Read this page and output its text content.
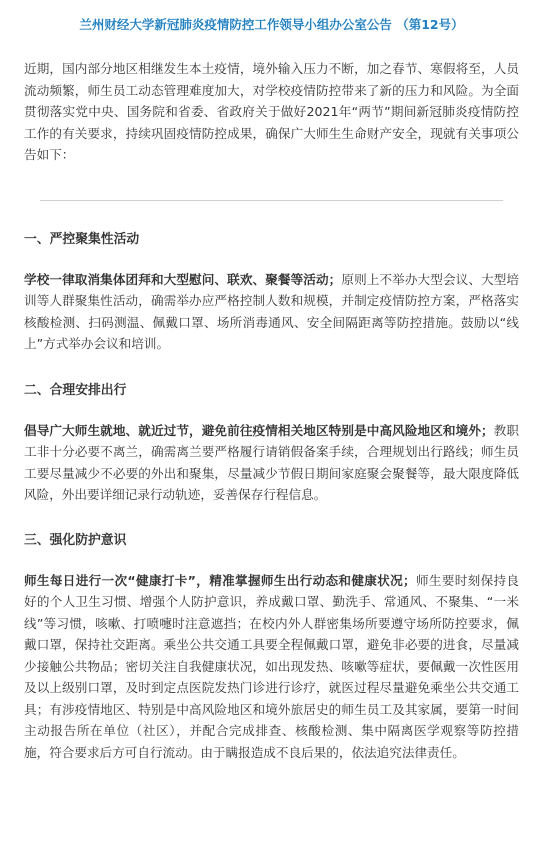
兰州财经大学新冠肺炎疫情防控工作领导小组办公室公告 （第12号）

近期，国内部分地区相继发生本土疫情，境外输入压力不断，加之春节、寒假将至，人员流动频繁，师生员工动态管理难度加大，对学校疫情防控带来了新的压力和风险。为全面贯彻落实党中央、国务院和省委、省政府关于做好2021年“两节”期间新冠肺炎疫情防控工作的有关要求，持续巩固疫情防控成果，确保广大师生生命财产安全，现就有关事项公告如下：

一、严控聚集性活动

学校一律取消集体团拜和大型慰问、联欢、聚餐等活动；原则上不举办大型会议、大型培训等人群聚集性活动，确需举办应严格控制人数和规模，并制定疫情防控方案，严格落实核酸检测、扫码测温、佩戴口罩、场所消毒通风、安全间隔距离等防控措施。鼓励以“线上”方式举办会议和培训。

二、合理安排出行

倡导广大师生就地、就近过节，避免前往疫情相关地区特别是中高风险地区和境外；教职工非十分必要不离兰，确需离兰要严格履行请销假备案手续，合理规划出行路线；师生员工要尽量减少不必要的外出和聚集，尽量减少节假日期间家庭聚会聚餐等，最大限度降低风险，外出要详细记录行动轨迹，妥善保存行程信息。

三、强化防护意识

师生每日进行一次“健康打卡”，精准掌握师生出行动态和健康状况；师生要时刻保持良好的个人卫生习惯、增强个人防护意识，养成戴口罩、勤洗手、常通风、不聚集、“一米线”等习惯，咳嗽、打喷嚏时注意遮挡；在校内外人群密集场所要遵守场所防控要求，佩戴口罩，保持社交距离。乘坐公共交通工具要全程佩戴口罩，避免非必要的进食，尽量减少接触公共物品；密切关注自我健康状况，如出现发热、咳嗽等症状，要佩戴一次性医用及以上级别口罩，及时到定点医院发热门诊进行诊疗，就医过程尽量避免乘坐公共交通工具；有涉疫情地区、特别是中高风险地区和境外旅居史的师生员工及其家属，要第一时间主动报告所在单位（社区），并配合完成排查、核酸检测、集中隔离医学观察等防控措施，符合要求后方可自行流动。由于瞒报造成不良后果的，依法追究法律责任。
